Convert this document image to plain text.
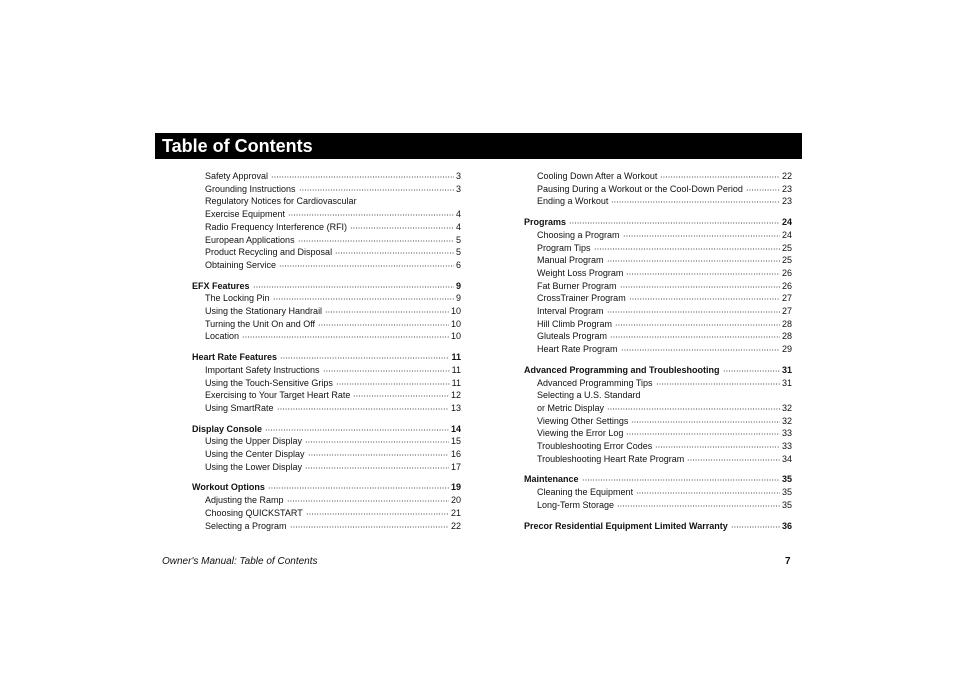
Table of Contents
Safety Approval	3
Grounding Instructions	3
Regulatory Notices for Cardiovascular
Exercise Equipment	4
Radio Frequency Interference (RFI)	4
European Applications	5
Product Recycling and Disposal	5
Obtaining Service	6
EFX Features	9
The Locking Pin	9
Using the Stationary Handrail	10
Turning the Unit On and Off	10
Location	10
Heart Rate Features	11
Important Safety Instructions	11
Using the Touch-Sensitive Grips	11
Exercising to Your Target Heart Rate	12
Using SmartRate	13
Display Console	14
Using the Upper Display	15
Using the Center Display	16
Using the Lower Display	17
Workout Options	19
Adjusting the Ramp	20
Choosing QUICKSTART	21
Selecting a Program	22
Cooling Down After a Workout	22
Pausing During a Workout or the Cool-Down Period	23
Ending a Workout	23
Programs	24
Choosing a Program	24
Program Tips	25
Manual Program	25
Weight Loss Program	26
Fat Burner Program	26
CrossTrainer Program	27
Interval Program	27
Hill Climb Program	28
Gluteals Program	28
Heart Rate Program	29
Advanced Programming and Troubleshooting	31
Advanced Programming Tips	31
Selecting a U.S. Standard
or Metric Display	32
Viewing Other Settings	32
Viewing the Error Log	33
Troubleshooting Error Codes	33
Troubleshooting Heart Rate Program	34
Maintenance	35
Cleaning the Equipment	35
Long-Term Storage	35
Precor Residential Equipment Limited Warranty	36
Owner's Manual: Table of Contents	7
